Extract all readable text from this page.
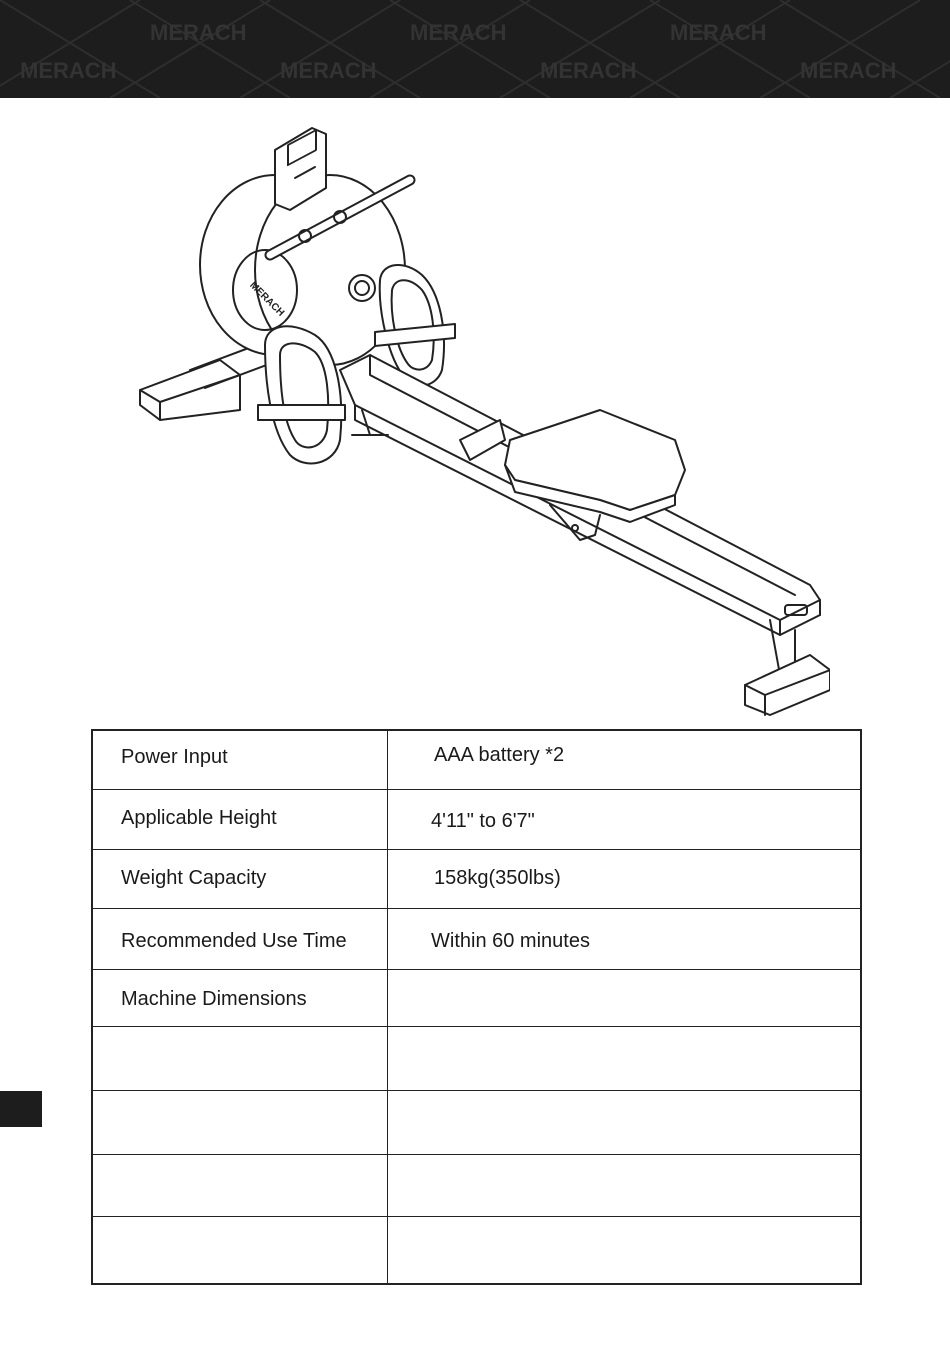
MERACH
MERACH
MERACH
MERACH
MERACH
MERACH
MERACH
MERACH
Power Input	AAA battery *2
Applicable Height	4'11" to 6'7"
Weight Capacity	158kg(350lbs)
Recommended Use Time	Within 60 minutes
Machine Dimensions
